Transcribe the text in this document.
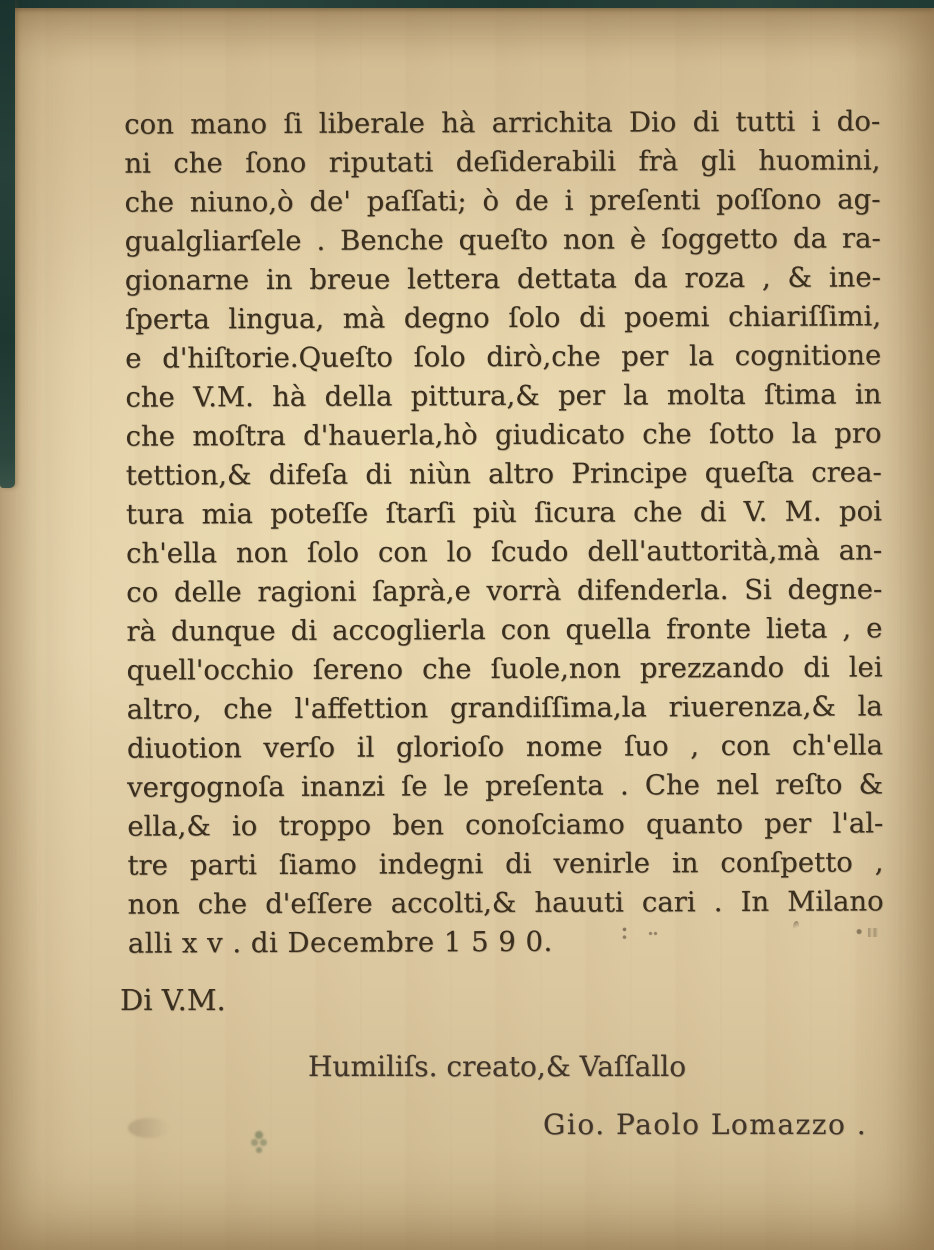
con mano ſi liberale hà arrichita Dio di tutti i do-
ni che ſono riputati deſiderabili frà gli huomini,
che niuno,ò de' paſſati; ò de i preſenti poſſono ag-
gualgliarſele . Benche queſto non è ſoggetto da ra-
gionarne in breue lettera dettata da roza , & ine-
ſperta lingua, mà degno ſolo di poemi chiariſſimi,
e d'hiſtorie.Queſto ſolo dirò,che per la cognitione
che V.M. hà della pittura,& per la molta ſtima in
che moſtra d'hauerla,hò giudicato che ſotto la pro
tettion,& difeſa di niùn altro Principe queſta crea-
tura mia poteſſe ſtarſi più ſicura che di V. M. poi
ch'ella non ſolo con lo ſcudo dell'auttorità,mà an-
co delle ragioni ſaprà,e vorrà difenderla. Si degne-
rà dunque di accoglierla con quella fronte lieta , e
quell'occhio ſereno che ſuole,non prezzando di lei
altro, che l'affettion grandiſſima,la riuerenza,& la
diuotion verſo il glorioſo nome ſuo , con ch'ella
vergognoſa inanzi ſe le preſenta . Che nel reſto &
ella,& io troppo ben conoſciamo quanto per l'al-
tre parti ſiamo indegni di venirle in conſpetto ,
non che d'eſſere accolti,& hauuti cari . In Milano
alli x v . di Decembre 1 5 9 0.
Di V.M.
Humiliſs. creato,& Vaſſallo
Gio. Paolo Lomazzo .
